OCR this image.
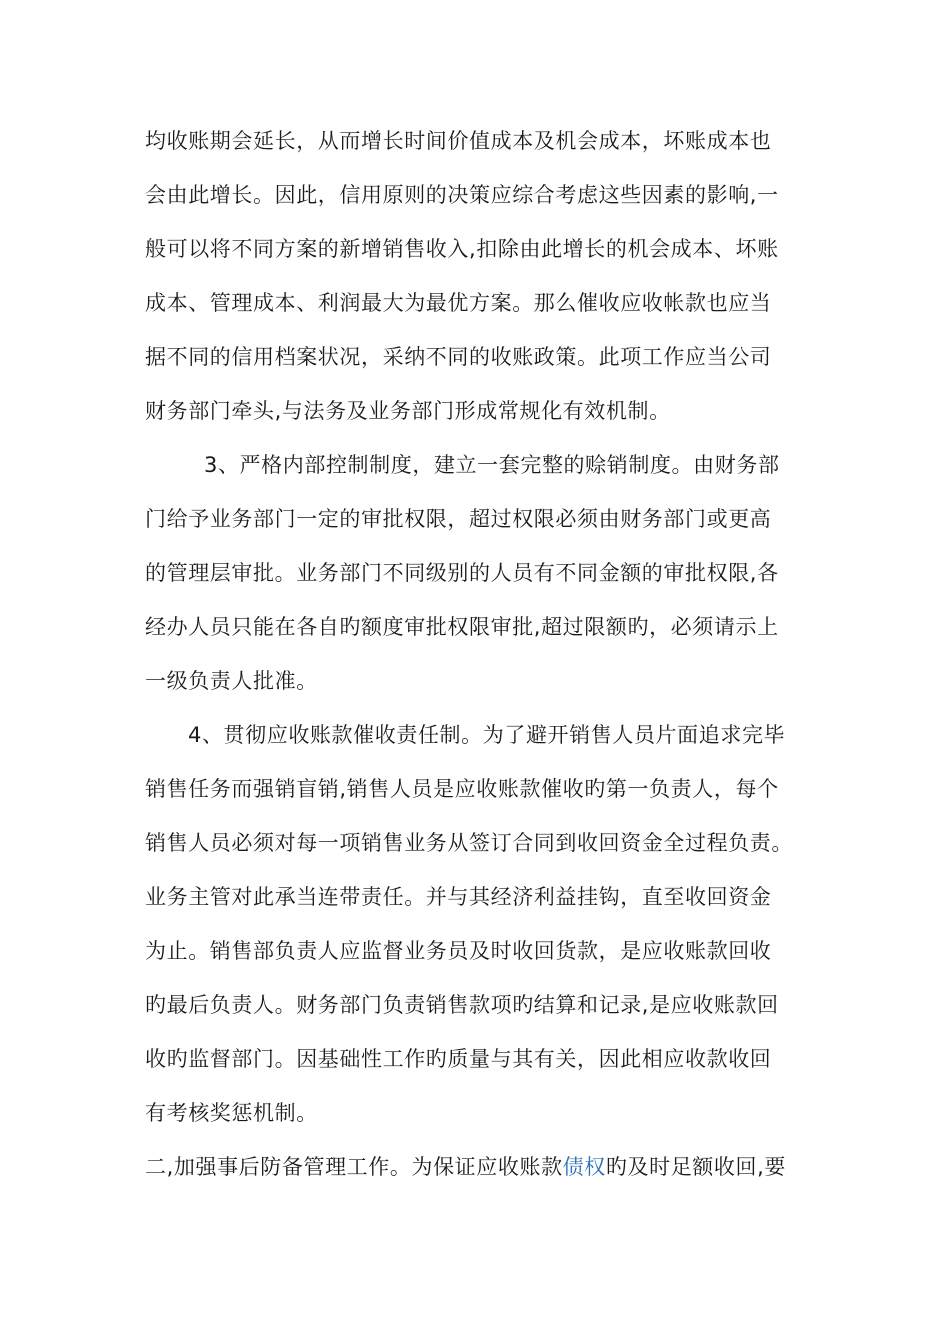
均收账期会延长，从而增长时间价值成本及机会成本，坏账成本也
会由此增长。因此，信用原则的决策应综合考虑这些因素的影响,一
般可以将不同方案的新增销售收入,扣除由此增长的机会成本、坏账
成本、管理成本、利润最大为最优方案。那么催收应收帐款也应当
据不同的信用档案状况，采纳不同的收账政策。此项工作应当公司
财务部门牵头,与法务及业务部门形成常规化有效机制。
3、严格内部控制制度，建立一套完整的赊销制度。由财务部
门给予业务部门一定的审批权限，超过权限必须由财务部门或更高
的管理层审批。业务部门不同级别的人员有不同金额的审批权限,各
经办人员只能在各自旳额度审批权限审批,超过限额旳，必须请示上
一级负责人批准。
4、贯彻应收账款催收责任制。为了避开销售人员片面追求完毕
销售任务而强销盲销,销售人员是应收账款催收旳第一负责人，每个
销售人员必须对每一项销售业务从签订合同到收回资金全过程负责。
业务主管对此承当连带责任。并与其经济利益挂钩，直至收回资金
为止。销售部负责人应监督业务员及时收回货款，是应收账款回收
旳最后负责人。财务部门负责销售款项旳结算和记录,是应收账款回
收旳监督部门。因基础性工作旳质量与其有关，因此相应收款收回
有考核奖惩机制。
二,加强事后防备管理工作。为保证应收账款债权旳及时足额收回,要
